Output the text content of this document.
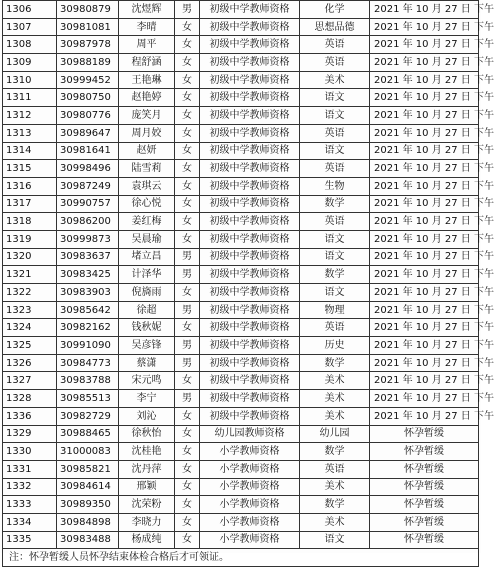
1306	30980879	沈煜辉	男	初级中学教师资格	化学	2021 年 10 月 27 日 下午
1307	30981081	李晴	女	初级中学教师资格	思想品德	2021 年 10 月 27 日 下午
1308	30987978	周平	女	初级中学教师资格	英语	2021 年 10 月 27 日 下午
1309	30988189	程舒涵	女	初级中学教师资格	英语	2021 年 10 月 27 日 下午
1310	30999452	王艳琳	女	初级中学教师资格	美术	2021 年 10 月 27 日 下午
1311	30980750	赵艳婷	女	初级中学教师资格	语文	2021 年 10 月 27 日 下午
1312	30980776	庞笑月	女	初级中学教师资格	语文	2021 年 10 月 27 日 下午
1313	30989647	周月姣	女	初级中学教师资格	英语	2021 年 10 月 27 日 下午
1314	30981641	赵妍	女	初级中学教师资格	语文	2021 年 10 月 27 日 下午
1315	30998496	陆雪莉	女	初级中学教师资格	英语	2021 年 10 月 27 日 下午
1316	30987249	袁琪云	女	初级中学教师资格	生物	2021 年 10 月 27 日 下午
1317	30990757	徐心悦	女	初级中学教师资格	数学	2021 年 10 月 27 日 下午
1318	30986200	姜红梅	女	初级中学教师资格	英语	2021 年 10 月 27 日 下午
1319	30999873	吴晨瑜	女	初级中学教师资格	语文	2021 年 10 月 27 日 下午
1320	30983637	堵立昌	男	初级中学教师资格	语文	2021 年 10 月 27 日 下午
1321	30983425	计泽华	男	初级中学教师资格	数学	2021 年 10 月 27 日 下午
1322	30983903	倪旖雨	女	初级中学教师资格	语文	2021 年 10 月 27 日 下午
1323	30985642	徐超	男	初级中学教师资格	物理	2021 年 10 月 27 日 下午
1324	30982162	钱秋妮	女	初级中学教师资格	英语	2021 年 10 月 27 日 下午
1325	30991090	吴彦锋	男	初级中学教师资格	历史	2021 年 10 月 27 日 下午
1326	30984773	蔡潇	男	初级中学教师资格	数学	2021 年 10 月 27 日 下午
1327	30983788	宋元鸣	女	初级中学教师资格	美术	2021 年 10 月 27 日 下午
1328	30985513	李宁	男	初级中学教师资格	美术	2021 年 10 月 27 日 下午
1336	30982729	刘沁	女	初级中学教师资格	美术	2021 年 10 月 27 日 下午
1329	30988465	徐秋怡	女	幼儿园教师资格	幼儿园	怀孕暂缓
1330	31000083	沈桂艳	女	小学教师资格	数学	怀孕暂缓
1331	30985821	沈丹萍	女	小学教师资格	英语	怀孕暂缓
1332	30984614	邢颖	女	小学教师资格	美术	怀孕暂缓
1333	30989350	沈荣粉	女	小学教师资格	数学	怀孕暂缓
1334	30984898	李晓力	女	小学教师资格	美术	怀孕暂缓
1335	30983488	杨成纯	女	小学教师资格	语文	怀孕暂缓
注：怀孕暂缓人员怀孕结束体检合格后才可领证。						
